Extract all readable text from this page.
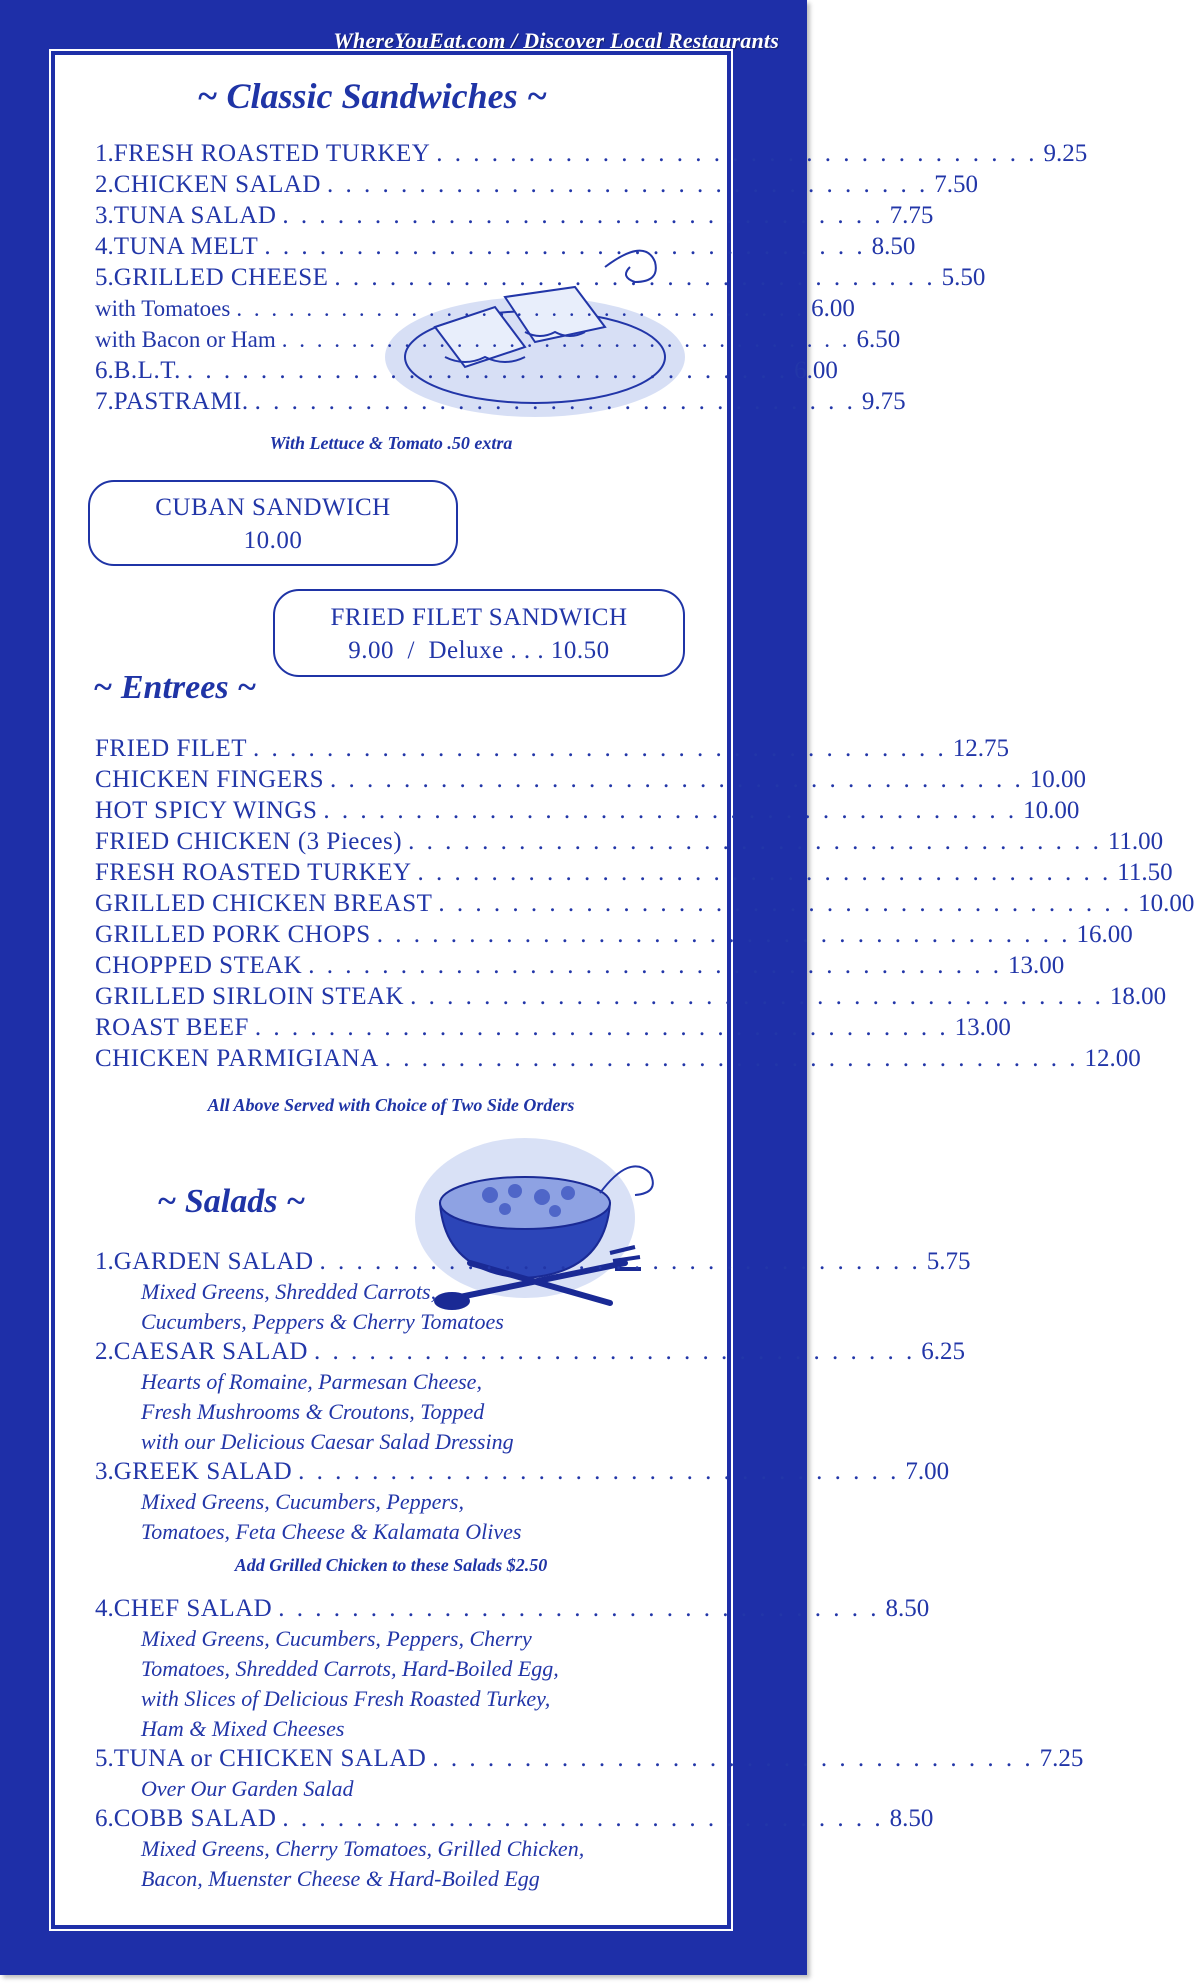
WhereYouEat.com / Discover Local Restaurants
~ Classic Sandwiches ~
1. FRESH ROASTED TURKEY . . . . . . . . . . . . . . . . . . . . . . . . . . . . . . . . . 9.25
2. CHICKEN SALAD . . . . . . . . . . . . . . . . . . . . . . . . . . . . . . . . . 7.50
3. TUNA SALAD . . . . . . . . . . . . . . . . . . . . . . . . . . . . . . . . . 7.75
4. TUNA MELT . . . . . . . . . . . . . . . . . . . . . . . . . . . . . . . . . 8.50
5. GRILLED CHEESE . . . . . . . . . . . . . . . . . . . . . . . . . . . . . . . . . 5.50
with Tomatoes . . . . . . . . . . . . . . . . . . . . . . . . . . . . . . . . . 6.00
with Bacon or Ham . . . . . . . . . . . . . . . . . . . . . . . . . . . . . . . . . 6.50
6. B.L.T. . . . . . . . . . . . . . . . . . . . . . . . . . . . . . . . . . 6.00
7. PASTRAMI. . . . . . . . . . . . . . . . . . . . . . . . . . . . . . . . . . 9.75
With Lettuce & Tomato .50 extra
CUBAN SANDWICH
10.00
FRIED FILET SANDWICH
9.00  /  Deluxe . . . 10.50
~ Entrees ~
FRIED FILET . . . . . . . . . . . . . . . . . . . . . . . . . . . . . . . . . . . . . . 12.75
CHICKEN FINGERS . . . . . . . . . . . . . . . . . . . . . . . . . . . . . . . . . . . . . . 10.00
HOT SPICY WINGS . . . . . . . . . . . . . . . . . . . . . . . . . . . . . . . . . . . . . . 10.00
FRIED CHICKEN (3 Pieces) . . . . . . . . . . . . . . . . . . . . . . . . . . . . . . . . . . . . . . 11.00
FRESH ROASTED TURKEY . . . . . . . . . . . . . . . . . . . . . . . . . . . . . . . . . . . . . . 11.50
GRILLED CHICKEN BREAST . . . . . . . . . . . . . . . . . . . . . . . . . . . . . . . . . . . . . . 10.00
GRILLED PORK CHOPS . . . . . . . . . . . . . . . . . . . . . . . . . . . . . . . . . . . . . . 16.00
CHOPPED STEAK . . . . . . . . . . . . . . . . . . . . . . . . . . . . . . . . . . . . . . 13.00
GRILLED SIRLOIN STEAK . . . . . . . . . . . . . . . . . . . . . . . . . . . . . . . . . . . . . . 18.00
ROAST BEEF . . . . . . . . . . . . . . . . . . . . . . . . . . . . . . . . . . . . . . 13.00
CHICKEN PARMIGIANA . . . . . . . . . . . . . . . . . . . . . . . . . . . . . . . . . . . . . . 12.00
All Above Served with Choice of Two Side Orders
~ Salads ~
1. GARDEN SALAD . . . . . . . . . . . . . . . . . . . . . . . . . . . . . . . . . 5.75
Mixed Greens, Shredded Carrots,
Cucumbers, Peppers & Cherry Tomatoes
2. CAESAR SALAD . . . . . . . . . . . . . . . . . . . . . . . . . . . . . . . . . 6.25
Hearts of Romaine, Parmesan Cheese,
Fresh Mushrooms & Croutons, Topped
with our Delicious Caesar Salad Dressing
3. GREEK SALAD . . . . . . . . . . . . . . . . . . . . . . . . . . . . . . . . . 7.00
Mixed Greens, Cucumbers, Peppers,
Tomatoes, Feta Cheese & Kalamata Olives
Add Grilled Chicken to these Salads $2.50
4. CHEF SALAD . . . . . . . . . . . . . . . . . . . . . . . . . . . . . . . . . 8.50
Mixed Greens, Cucumbers, Peppers, Cherry
Tomatoes, Shredded Carrots, Hard-Boiled Egg,
with Slices of Delicious Fresh Roasted Turkey,
Ham & Mixed Cheeses
5. TUNA or CHICKEN SALAD . . . . . . . . . . . . . . . . . . . . . . . . . . . . . . . . . 7.25
Over Our Garden Salad
6. COBB SALAD . . . . . . . . . . . . . . . . . . . . . . . . . . . . . . . . . 8.50
Mixed Greens, Cherry Tomatoes, Grilled Chicken,
Bacon, Muenster Cheese & Hard-Boiled Egg
